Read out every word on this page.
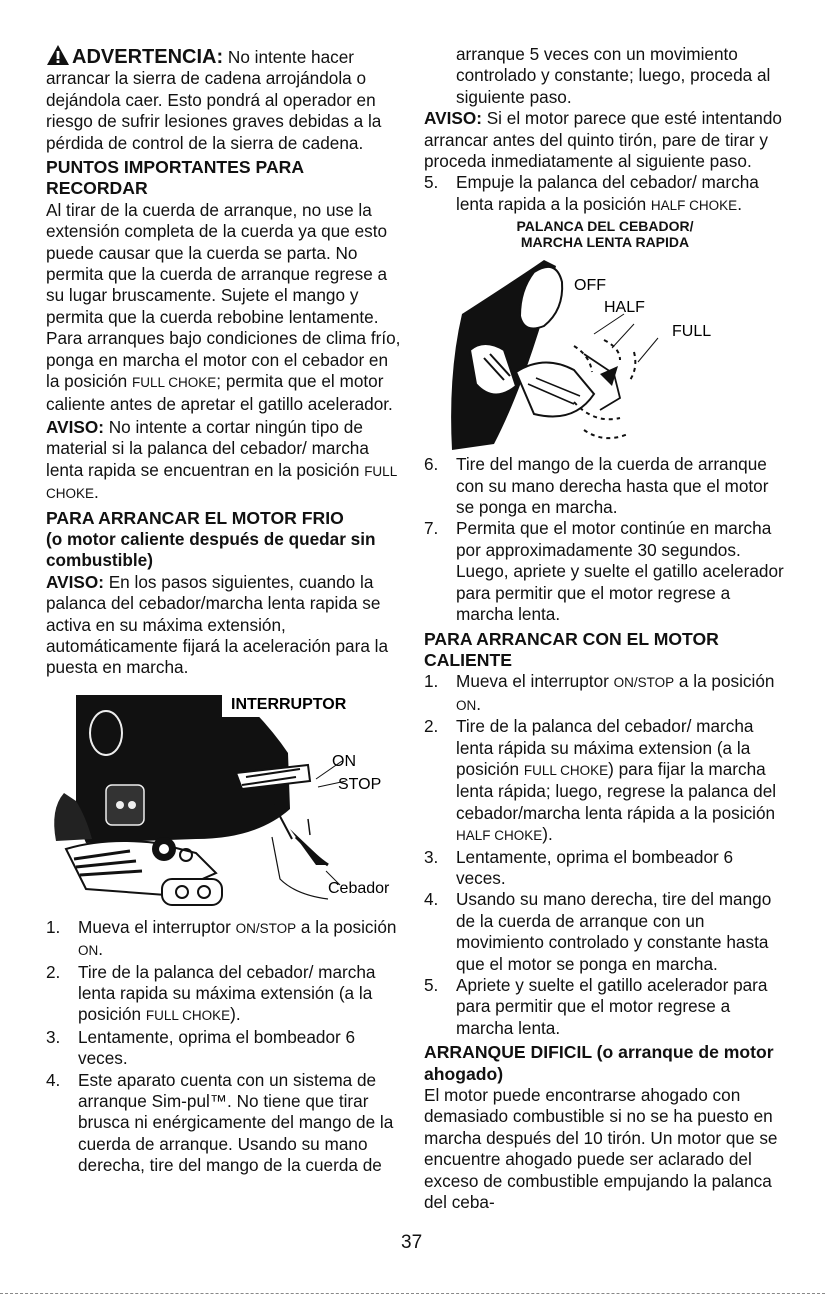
ADVERTENCIA: No intente hacer arrancar la sierra de cadena arrojándola o dejándola caer. Esto pondrá al operador en riesgo de sufrir lesiones graves debidas a la pérdida de control de la sierra de cadena.

PUNTOS IMPORTANTES PARA RECORDAR

Al tirar de la cuerda de arranque, no use la extensión completa de la cuerda ya que esto puede causar que la cuerda se parta. No permita que la cuerda de arranque regrese a su lugar bruscamente. Sujete el mango y permita que la cuerda rebobine lentamente.

Para arranques bajo condiciones de clima frío, ponga en marcha el motor con el cebador en la posición FULL CHOKE; permita que el motor caliente antes de apretar el gatillo acelerador.

AVISO: No intente a cortar ningún tipo de material si la palanca del cebador/ marcha lenta rapida se encuentran en la posición FULL CHOKE.

PARA ARRANCAR EL MOTOR FRIO

(o motor caliente después de quedar sin combustible)

AVISO: En los pasos siguientes, cuando la palanca del cebador/marcha lenta rapida se activa en su máxima extensión, automáticamente fijará la aceleración para la puesta en marcha.

INTERRUPTOR
ON
STOP
Cebador
1.	Mueva el interruptor ON/STOP a la posición ON.
2.	Tire de la palanca del cebador/ marcha lenta rapida su máxima extensión (a la posición FULL CHOKE).
3.	Lentamente, oprima el bombeador 6 veces.
4.	Este aparato cuenta con un sistema de arranque Sim-pul™. No tiene que tirar brusca ni enérgicamente del mango de la cuerda de arranque. Usando su mano derecha, tire del mango de la cuerda de

arranque 5 veces con un movimiento controlado y constante; luego, proceda al siguiente paso.

AVISO: Si el motor parece que esté intentando arrancar antes del quinto tirón, pare de tirar y proceda inmediatamente al siguiente paso.

5.	Empuje la palanca del cebador/ marcha lenta rapida a la posición HALF CHOKE.

PALANCA DEL CEBADOR/

MARCHA LENTA RAPIDA

OFF
HALF
FULL
6.	Tire del mango de la cuerda de arranque con su mano derecha hasta que el motor se ponga en marcha.
7.	Permita que el motor continúe en marcha por approximadamente 30 segundos. Luego, apriete y suelte el gatillo acelerador para permitir que el motor regrese a marcha lenta.

PARA ARRANCAR CON EL MOTOR CALIENTE

1.	Mueva el interruptor ON/STOP a la posición ON.
2.	Tire de la palanca del cebador/ marcha lenta rápida su máxima extension (a la posición FULL CHOKE) para fijar la marcha lenta rápida; luego, regrese la palanca del cebador/marcha lenta rápida a la posición HALF CHOKE).
3.	Lentamente, oprima el bombeador 6 veces.
4.	Usando su mano derecha, tire del mango de la cuerda de arranque con un movimiento controlado y constante hasta que el motor se ponga en marcha.
5.	Apriete y suelte el gatillo acelerador para para permitir que el motor regrese a marcha lenta.

ARRANQUE DIFICIL (o arranque de motor ahogado)

El motor puede encontrarse ahogado con demasiado combustible si no se ha puesto en marcha después del 10 tirón. Un motor que se encuentre ahogado puede ser aclarado del exceso de combustible empujando la palanca del ceba-

37
